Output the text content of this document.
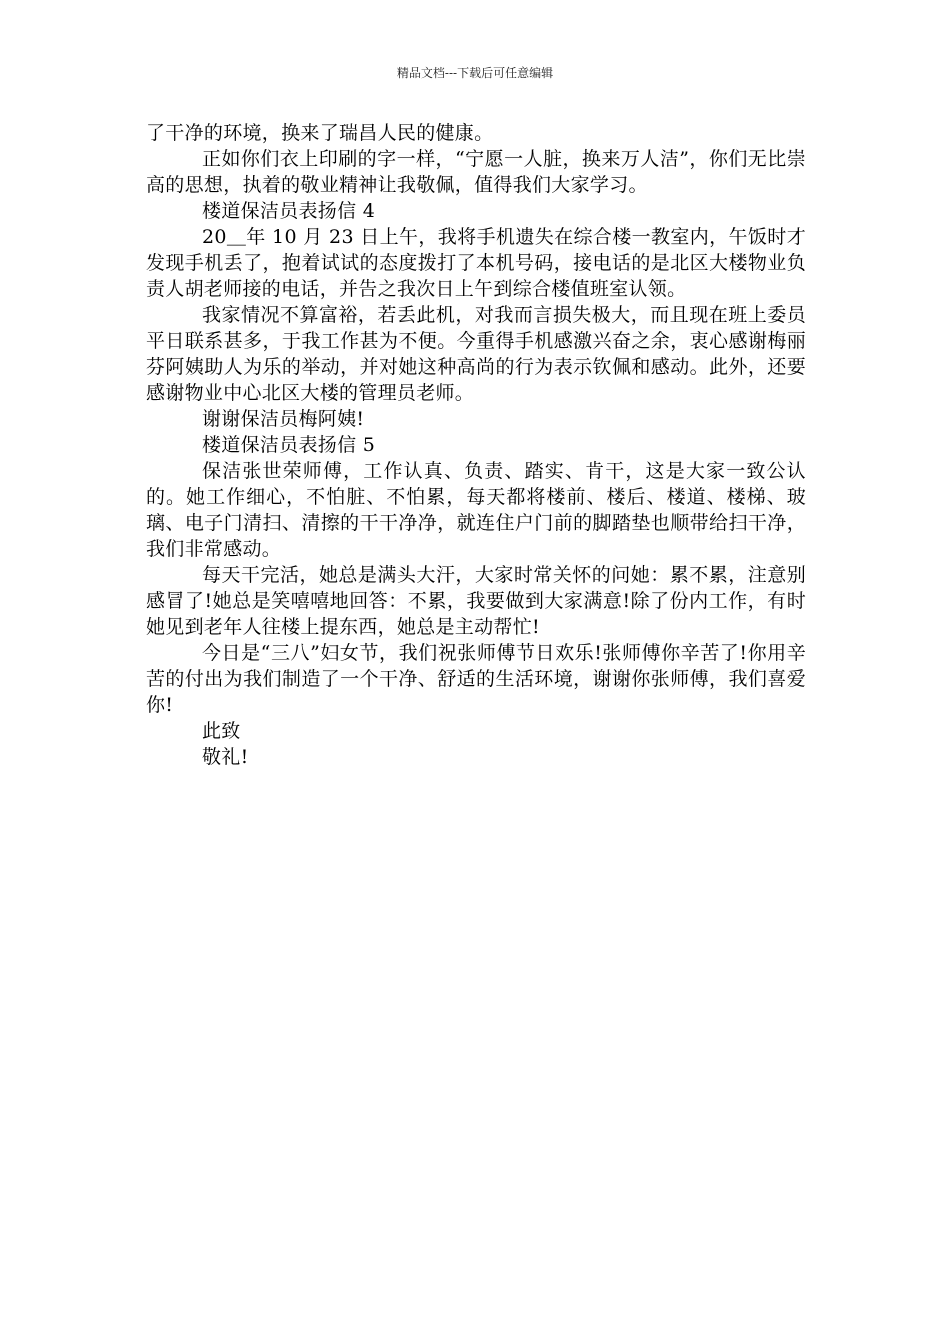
精品文档---下载后可任意编辑

了干净的环境，换来了瑞昌人民的健康。

正如你们衣上印刷的字一样，“宁愿一人脏，换来万人洁”，你们无比崇高的思想，执着的敬业精神让我敬佩，值得我们大家学习。

楼道保洁员表扬信 4

20＿年 10 月 23 日上午，我将手机遗失在综合楼一教室内，午饭时才发现手机丢了，抱着试试的态度拨打了本机号码，接电话的是北区大楼物业负责人胡老师接的电话，并告之我次日上午到综合楼值班室认领。

我家情况不算富裕，若丢此机，对我而言损失极大，而且现在班上委员平日联系甚多，于我工作甚为不便。今重得手机感激兴奋之余，衷心感谢梅丽芬阿姨助人为乐的举动，并对她这种高尚的行为表示钦佩和感动。此外，还要感谢物业中心北区大楼的管理员老师。

谢谢保洁员梅阿姨!

楼道保洁员表扬信 5

保洁张世荣师傅，工作认真、负责、踏实、肯干，这是大家一致公认的。她工作细心，不怕脏、不怕累，每天都将楼前、楼后、楼道、楼梯、玻璃、电子门清扫、清擦的干干净净，就连住户门前的脚踏垫也顺带给扫干净，我们非常感动。

每天干完活，她总是满头大汗，大家时常关怀的问她：累不累，注意别感冒了!她总是笑嘻嘻地回答：不累，我要做到大家满意!除了份内工作，有时她见到老年人往楼上提东西，她总是主动帮忙!

今日是“三八”妇女节，我们祝张师傅节日欢乐!张师傅你辛苦了!你用辛苦的付出为我们制造了一个干净、舒适的生活环境，谢谢你张师傅，我们喜爱你!

此致

敬礼!
